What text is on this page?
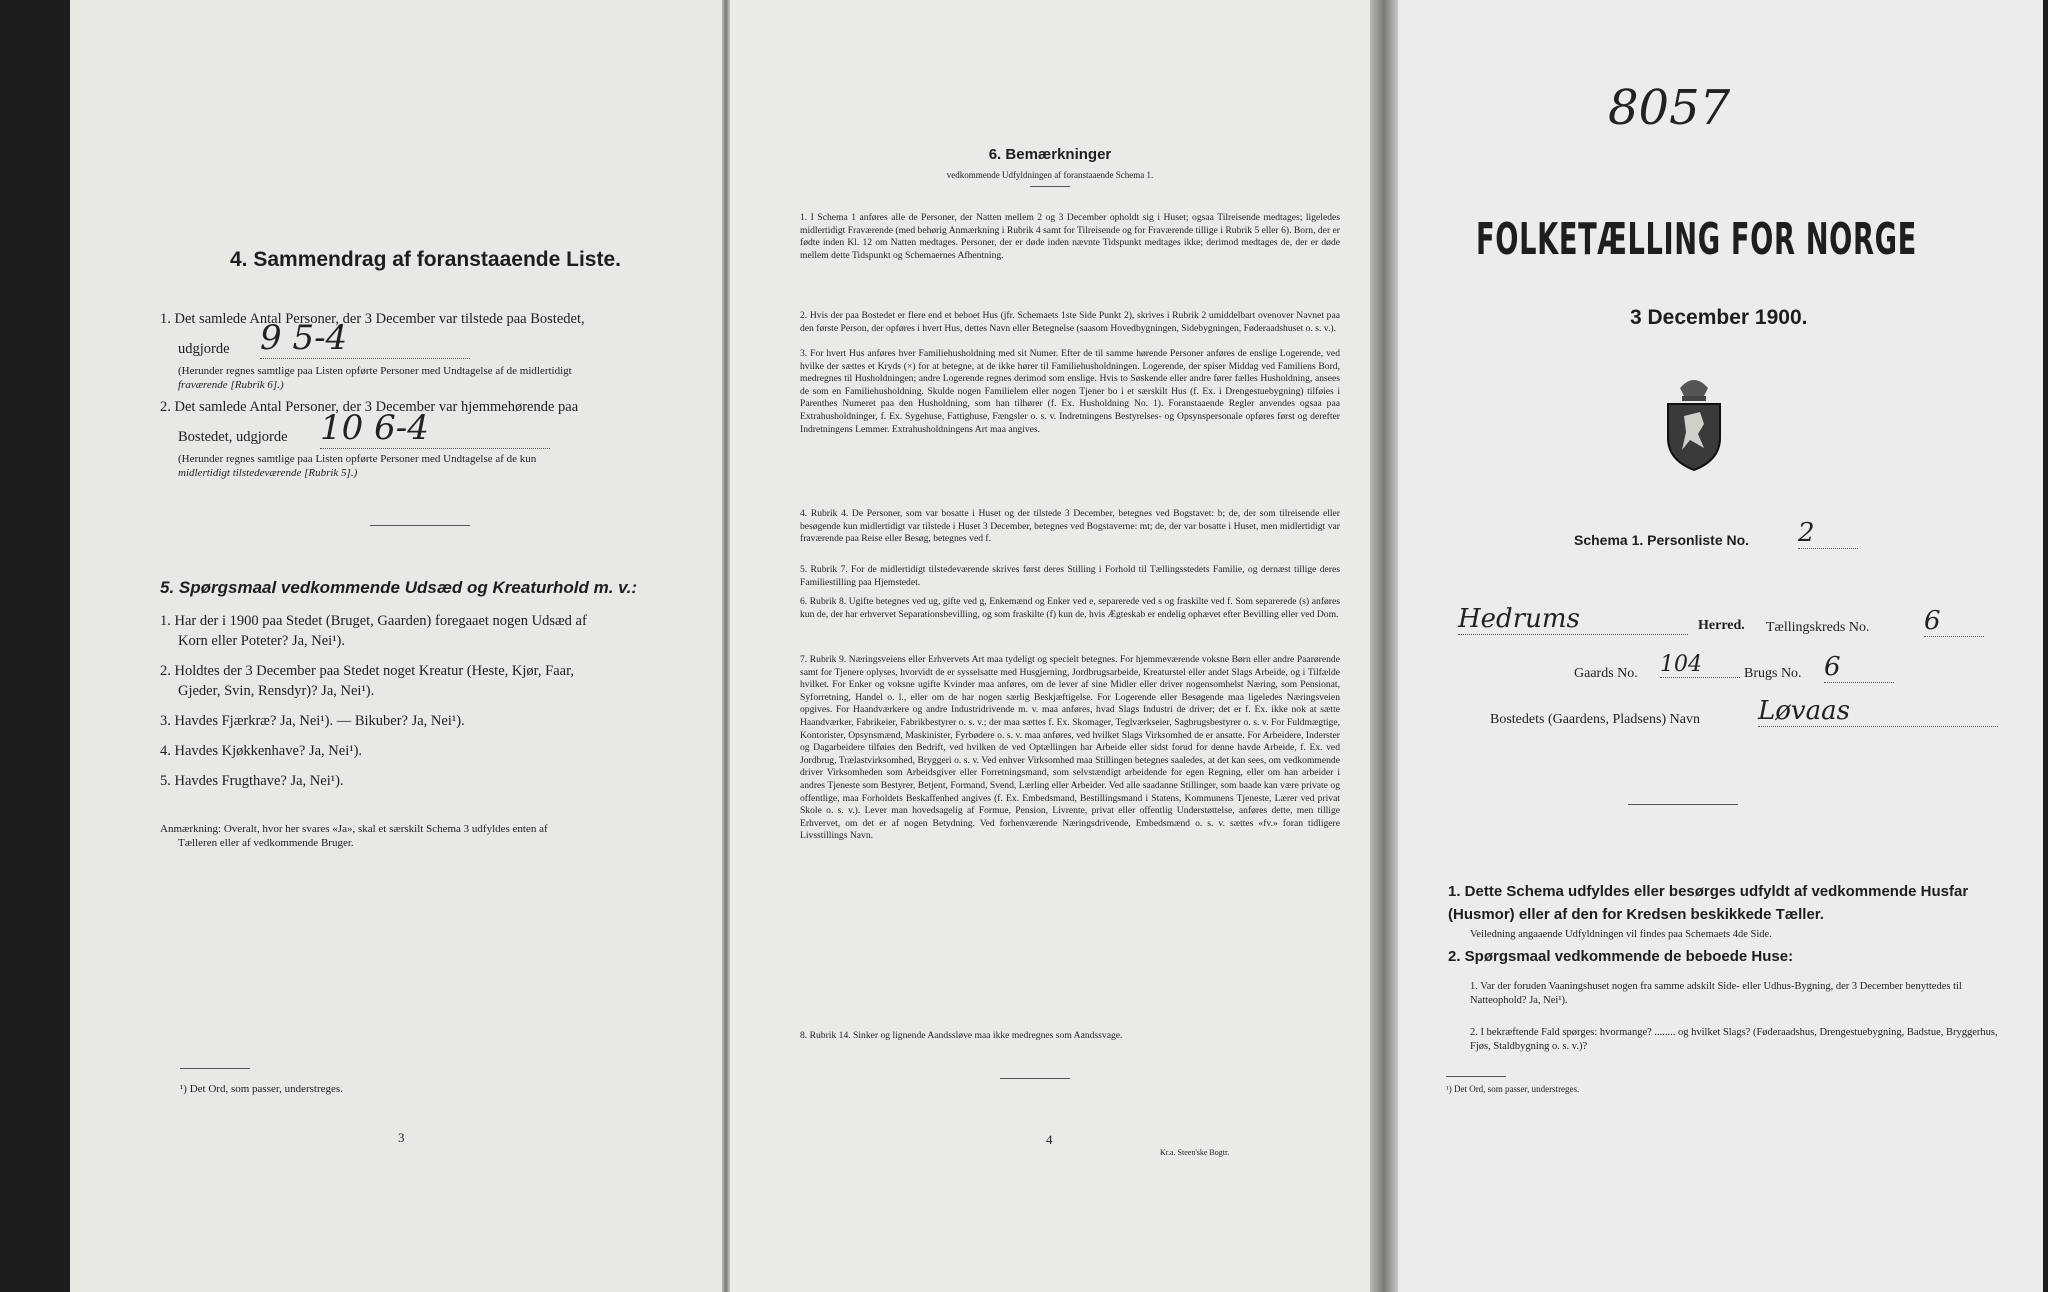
4. Sammendrag af foranstaaende Liste.
1. Det samlede Antal Personer, der 3 December var tilstede paa Bostedet,
udgjorde 9 5-4
(Herunder regnes samtlige paa Listen opførte Personer med Undtagelse af de midlertidigt
fraværende [Rubrik 6].)
2. Det samlede Antal Personer, der 3 December var hjemmehørende paa
Bostedet, udgjorde 10 6-4
(Herunder regnes samtlige paa Listen opførte Personer med Undtagelse af de kun
midlertidigt tilstedeværende [Rubrik 5].)
5. Spørgsmaal vedkommende Udsæd og Kreaturhold m. v.:
1. Har der i 1900 paa Stedet (Bruget, Gaarden) foregaaet nogen Udsæd af
Korn eller Poteter? Ja, Nei¹).
2. Holdtes der 3 December paa Stedet noget Kreatur (Heste, Kjør, Faar,
Gjeder, Svin, Rensdyr)? Ja, Nei¹).
3. Havdes Fjærkræ? Ja, Nei¹). — Bikuber? Ja, Nei¹).
4. Havdes Kjøkkenhave? Ja, Nei¹).
5. Havdes Frugthave? Ja, Nei¹).
Anmærkning: Overalt, hvor her svares «Ja», skal et særskilt Schema 3 udfyldes enten af
Tælleren eller af vedkommende Bruger.
¹) Det Ord, som passer, understreges.
3
6. Bemærkninger
vedkommende Udfyldningen af foranstaaende Schema 1.
1. I Schema 1 anføres alle de Personer, der Natten mellem 2 og 3 December opholdt sig i Huset; ogsaa Tilreisende medtages; ligeledes midlertidigt Fraværende (med behørig Anmærkning i Rubrik 4 samt for Tilreisende og for Fraværende tillige i Rubrik 5 eller 6). Born, der er fødte inden Kl. 12 om Natten medtages. Personer, der er døde inden nævnte Tidspunkt medtages ikke; derimod medtages de, der er døde mellem dette Tidspunkt og Schemaernes Afhentning.
2. Hvis der paa Bostedet er flere end et beboet Hus (jfr. Schemaets 1ste Side Punkt 2), skrives i Rubrik 2 umiddelbart ovenover Navnet paa den første Person, der opføres i hvert Hus, dettes Navn eller Betegnelse (saasom Hovedbygningen, Sidebygningen, Føderaadshuset o. s. v.).
3. For hvert Hus anføres hver Familiehusholdning med sit Numer. Efter de til samme hørende Personer anføres de enslige Logerende, ved hvilke der sættes et Kryds (×) for at betegne, at de ikke hører til Familiehusholdningen. Logerende, der spiser Middag ved Familiens Bord, medregnes til Husholdningen; andre Logerende regnes derimod som enslige. Hvis to Søskende eller andre fører fælles Husholdning, ansees de som en Familiehusholdning. Skulde nogen Familielem eller nogen Tjener bo i et særskilt Hus (f. Ex. i Drengestuebygning) tilføies i Parenthes Numeret paa den Husholdning, som han tilhører (f. Ex. Husholdning No. 1). Foranstaaende Regler anvendes ogsaa paa Extrahusholdninger, f. Ex. Sygehuse, Fattighuse, Fængsler o. s. v. Indretningens Bestyrelses- og Opsynspersonale opføres først og derefter Indretningens Lemmer. Extrahusholdningens Art maa angives.
4. Rubrik 4. De Personer, som var bosatte i Huset og der tilstede 3 December, betegnes ved Bogstavet: b; de, der som tilreisende eller besøgende kun midlertidigt var tilstede i Huset 3 December, betegnes ved Bogstaverne: mt; de, der var bosatte i Huset, men midlertidigt var fraværende paa Reise eller Besøg, betegnes ved f.
5. Rubrik 7. For de midlertidigt tilstedeværende skrives først deres Stilling i Forhold til Tællingsstedets Familie, og dernæst tillige deres Familiestilling paa Hjemstedet.
6. Rubrik 8. Ugifte betegnes ved ug, gifte ved g, Enkemænd og Enker ved e, separerede ved s og fraskilte ved f. Som separerede (s) anføres kun de, der har erhvervet Separationsbevilling, og som fraskilte (f) kun de, hvis Ægteskab er endelig ophævet efter Bevilling eller ved Dom.
7. Rubrik 9. Næringsveiens eller Erhvervets Art maa tydeligt og specielt betegnes. For hjemmeværende voksne Børn eller andre Paarørende samt for Tjenere oplyses, hvorvidt de er sysselsatte med Husgjerning, Jordbrugsarbeide, Kreaturstel eller andet Slags Arbeide, og i Tilfælde hvilket. For Enker og voksne ugifte Kvinder maa anføres, om de lever af sine Midler eller driver nogensomhelst Næring, som Pensionat, Syforretning, Handel o. l., eller om de har nogen særlig Beskjæftigelse. For Logerende eller Besøgende maa ligeledes Næringsveien opgives. For Haandværkere og andre Industridrivende m. v. maa anføres, hvad Slags Industri de driver; det er f. Ex. ikke nok at sætte Haandværker, Fabrikeier, Fabrikbestyrer o. s. v.; der maa sættes f. Ex. Skomager, Teglværkseier, Sagbrugsbestyrer o. s. v. For Fuldmægtige, Kontorister, Opsynsmænd, Maskinister, Fyrbødere o. s. v. maa anføres, ved hvilket Slags Virksomhed de er ansatte. For Arbeidere, Inderster og Dagarbeidere tilføies den Bedrift, ved hvilken de ved Optællingen har Arbeide eller sidst forud for denne havde Arbeide, f. Ex. ved Jordbrug, Trælastvirksomhed, Bryggeri o. s. v. Ved enhver Virksomhed maa Stillingen betegnes saaledes, at det kan sees, om vedkommende driver Virksomheden som Arbeidsgiver eller Forretningsmand, som selvstændigt arbeidende for egen Regning, eller om han arbeider i andres Tjeneste som Bestyrer, Betjent, Formand, Svend, Lærling eller Arbeider. Ved alle saadanne Stillinger, som baade kan være private og offentlige, maa Forholdets Beskaffenhed angives (f. Ex. Embedsmand, Bestillingsmand i Statens, Kommunens Tjeneste, Lærer ved privat Skole o. s. v.). Lever man hovedsagelig af Formue, Pension, Livrente, privat eller offentlig Understøttelse, anføres dette, men tillige Erhvervet, om det er af nogen Betydning. Ved forhenværende Næringsdrivende, Embedsmænd o. s. v. sættes «fv.» foran tidligere Livsstillings Navn.
8. Rubrik 14. Sinker og lignende Aandssløve maa ikke medregnes som Aandssvage.
4
Kr.a. Steen'ske Bogtr.
8057
FOLKETÆLLING FOR NORGE
3 December 1900.
Schema 1. Personliste No. 2
Hedrums	Herred. Tællingskreds No. 6
Gaards No. 104	Brugs No. 6
Bostedets (Gaardens, Pladsens) Navn Løvaas
1. Dette Schema udfyldes eller besørges udfyldt af vedkommende Husfar (Husmor) eller af den for Kredsen beskikkede Tæller.
Veiledning angaaende Udfyldningen vil findes paa Schemaets 4de Side.
2. Spørgsmaal vedkommende de beboede Huse:
1. Var der foruden Vaaningshuset nogen fra samme adskilt Side- eller Udhus-Bygning, der 3 December benyttedes til Natteophold? Ja, Nei¹).
2. I bekræftende Fald spørges: hvormange? ........ og hvilket Slags? (Føderaadshus, Drengestuebygning, Badstue, Bryggerhus, Fjøs, Staldbygning o. s. v.)?
¹) Det Ord, som passer, understreges.
